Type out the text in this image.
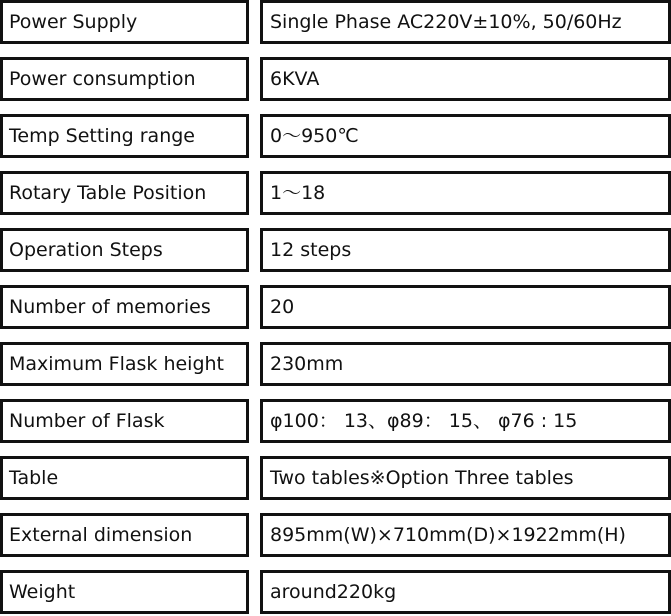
Power Supply	Single Phase AC220V±10%, 50/60Hz
Power consumption	6KVA
Temp Setting range	0〜950℃
Rotary Table Position	1〜18
Operation Steps	12 steps
Number of memories	20
Maximum Flask height	230mm
Number of Flask	φ100： 13、φ89： 15、 φ76 : 15
Table	Two tables※Option Three tables
External dimension	895mm(W)×710mm(D)×1922mm(H)
Weight	around220kg
